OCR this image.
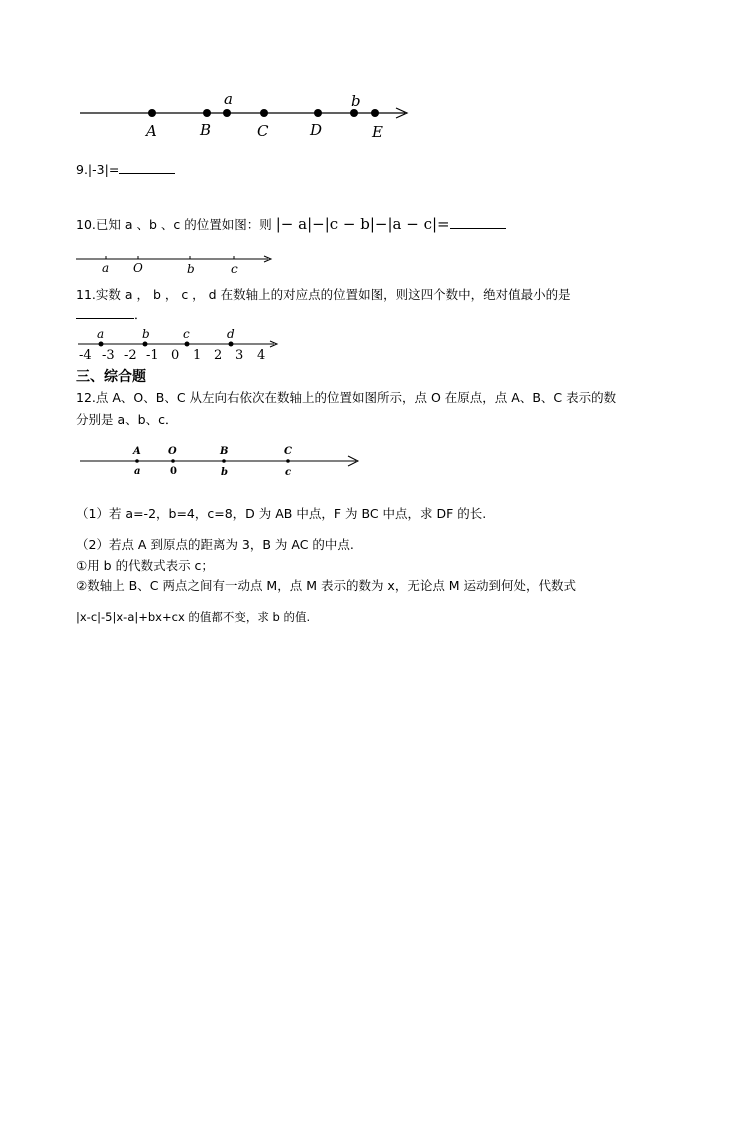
a	b
A	B	C	D	E
9.|-3|=
10.已知 a 、b 、c 的位置如图：则 |− a|−|c − b|−|a − c|=
a O	b	c
11.实数 a ， b ， c ， d 在数轴上的对应点的位置如图，则这四个数中，绝对值最小的是
．
a	b	c	d
-4 -3 -2 -1 0 1 2 3 4
三、综合题
12.点 A、O、B、C 从左向右依次在数轴上的位置如图所示，点 O 在原点，点 A、B、C 表示的数
分别是 a、b、c．
A	O	B	C
a	0	b	c
（1）若 a=-2，b=4，c=8，D 为 AB 中点，F 为 BC 中点，求 DF 的长.
（2）若点 A 到原点的距离为 3，B 为 AC 的中点.
①用 b 的代数式表示 c；
②数轴上 B、C 两点之间有一动点 M，点 M 表示的数为 x，无论点 M 运动到何处，代数式
|x-c|-5|x-a|+bx+cx 的值都不变，求 b 的值.
